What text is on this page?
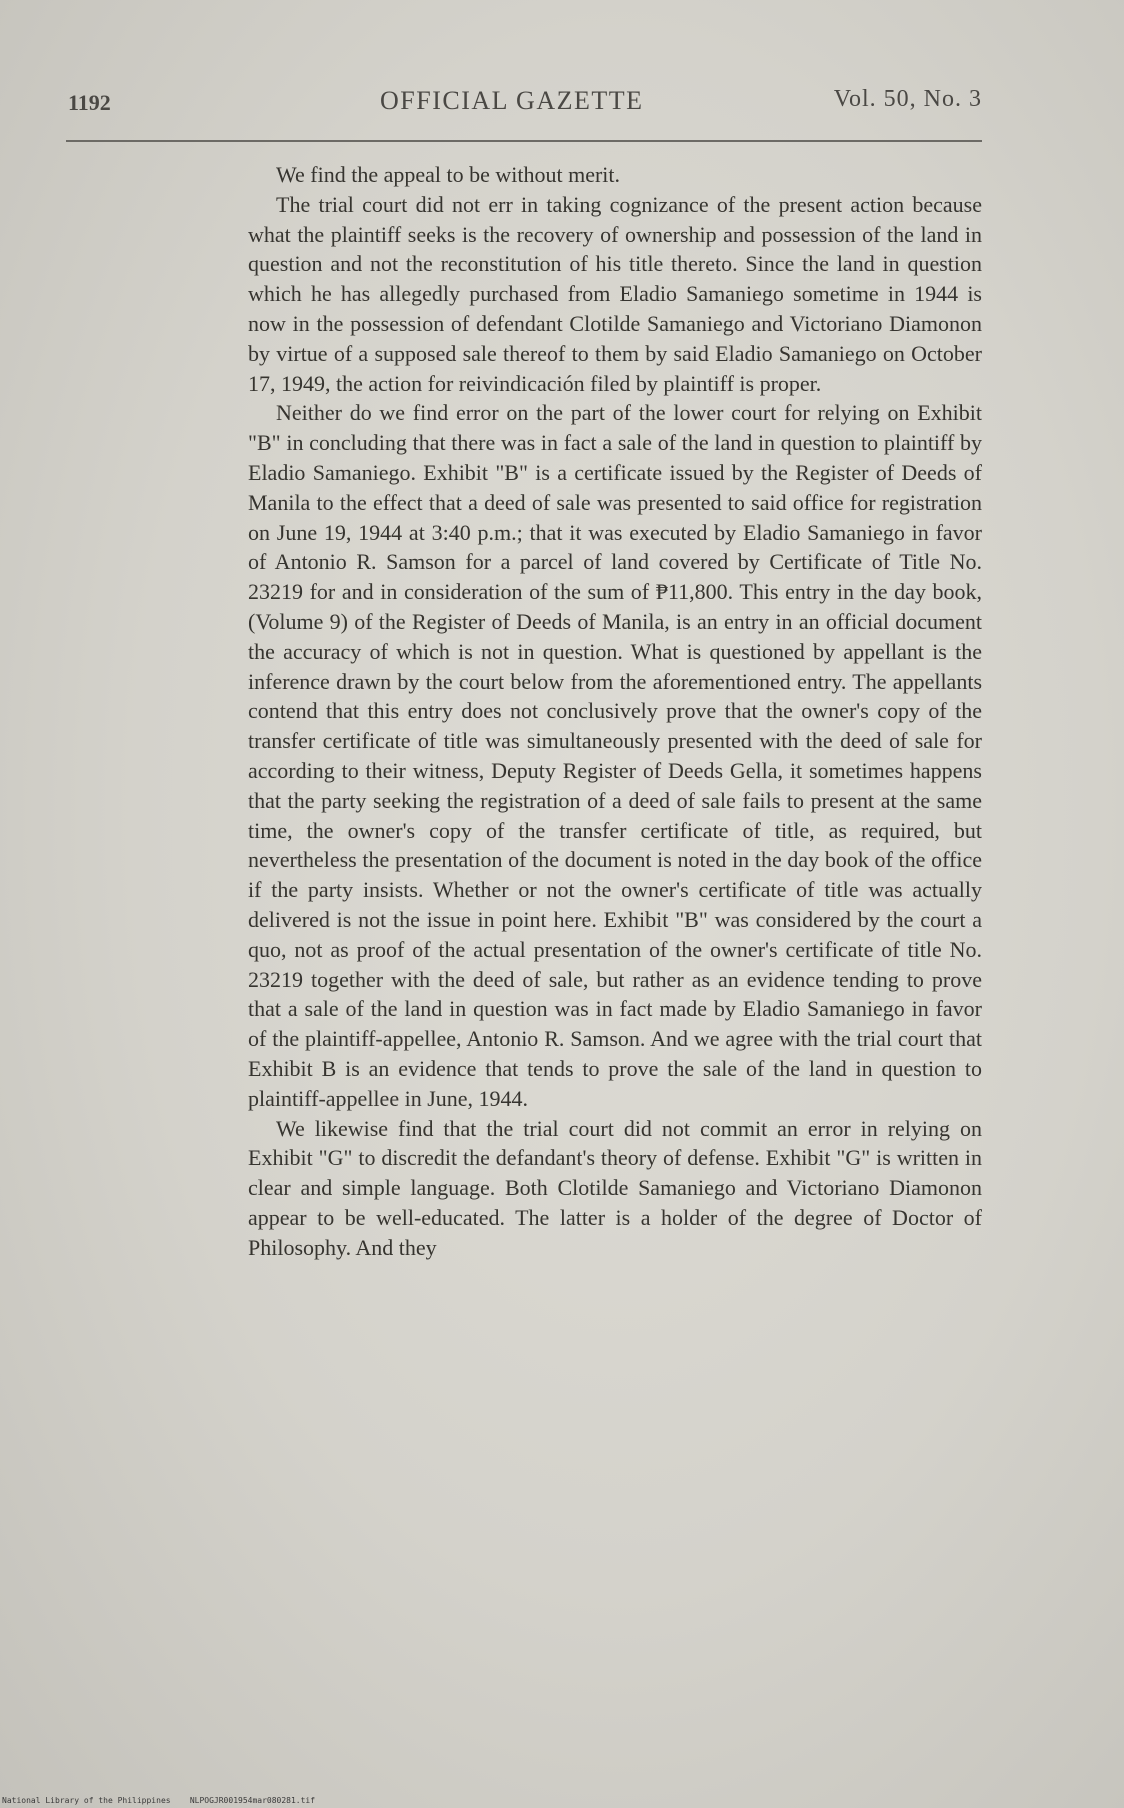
1192	OFFICIAL GAZETTE	Vol. 50, No. 3

We find the appeal to be without merit.

The trial court did not err in taking cognizance of the present action because what the plaintiff seeks is the recovery of ownership and possession of the land in question and not the reconstitution of his title thereto. Since the land in question which he has allegedly purchased from Eladio Samaniego sometime in 1944 is now in the possession of defendant Clotilde Samaniego and Victoriano Diamonon by virtue of a supposed sale thereof to them by said Eladio Samaniego on October 17, 1949, the action for reivindicación filed by plaintiff is proper.

Neither do we find error on the part of the lower court for relying on Exhibit "B" in concluding that there was in fact a sale of the land in question to plaintiff by Eladio Samaniego. Exhibit "B" is a certificate issued by the Register of Deeds of Manila to the effect that a deed of sale was presented to said office for registration on June 19, 1944 at 3:40 p.m.; that it was executed by Eladio Samaniego in favor of Antonio R. Samson for a parcel of land covered by Certificate of Title No. 23219 for and in consideration of the sum of ₱11,800. This entry in the day book, (Volume 9) of the Register of Deeds of Manila, is an entry in an official document the accuracy of which is not in question. What is questioned by appellant is the inference drawn by the court below from the aforementioned entry. The appellants contend that this entry does not conclusively prove that the owner's copy of the transfer certificate of title was simultaneously presented with the deed of sale for according to their witness, Deputy Register of Deeds Gella, it sometimes happens that the party seeking the registration of a deed of sale fails to present at the same time, the owner's copy of the transfer certificate of title, as required, but nevertheless the presentation of the document is noted in the day book of the office if the party insists. Whether or not the owner's certificate of title was actually delivered is not the issue in point here. Exhibit "B" was considered by the court a quo, not as proof of the actual presentation of the owner's certificate of title No. 23219 together with the deed of sale, but rather as an evidence tending to prove that a sale of the land in question was in fact made by Eladio Samaniego in favor of the plaintiff-appellee, Antonio R. Samson. And we agree with the trial court that Exhibit B is an evidence that tends to prove the sale of the land in question to plaintiff-appellee in June, 1944.

We likewise find that the trial court did not commit an error in relying on Exhibit "G" to discredit the defandant's theory of defense. Exhibit "G" is written in clear and simple language. Both Clotilde Samaniego and Victoriano Diamonon appear to be well-educated. The latter is a holder of the degree of Doctor of Philosophy. And they

National Library of the Philippines    NLPOGJR001954mar080281.tif
